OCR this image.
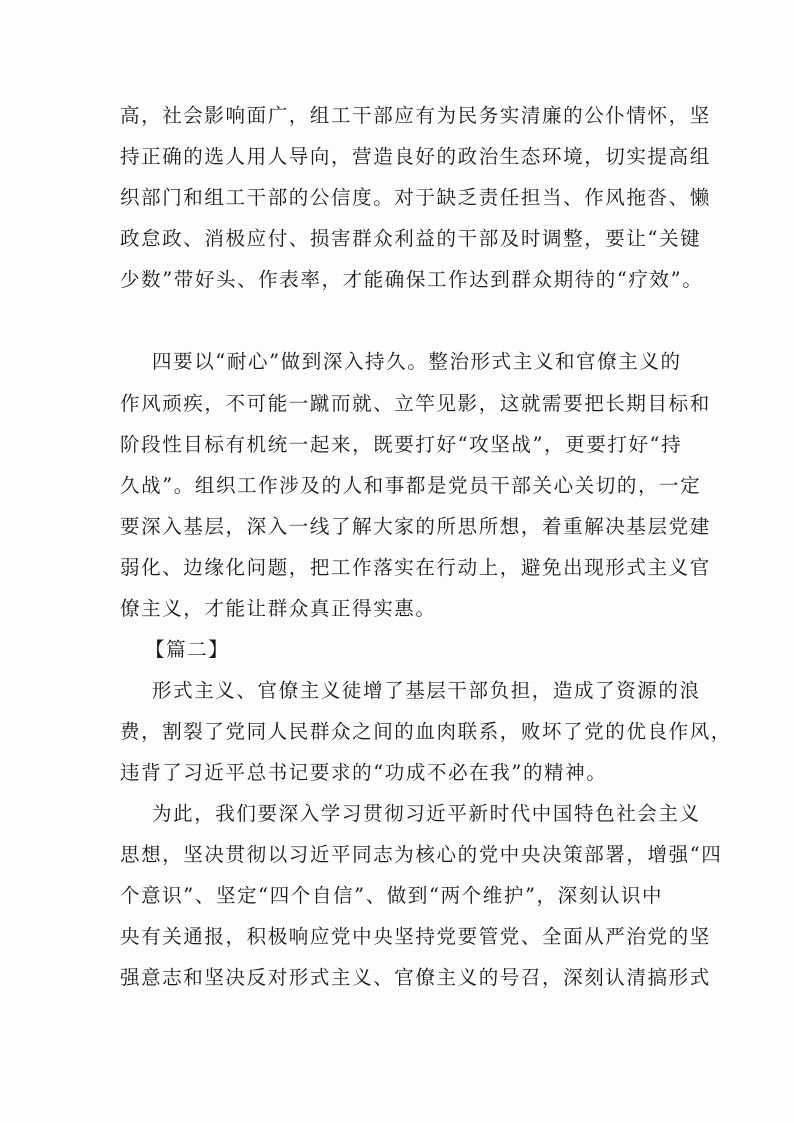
高，社会影响面广，组工干部应有为民务实清廉的公仆情怀，坚
持正确的选人用人导向，营造良好的政治生态环境，切实提高组
织部门和组工干部的公信度。对于缺乏责任担当、作风拖沓、懒
政怠政、消极应付、损害群众利益的干部及时调整，要让“关键
少数”带好头、作表率，才能确保工作达到群众期待的“疗效”。
四要以“耐心”做到深入持久。整治形式主义和官僚主义的
作风顽疾，不可能一蹴而就、立竿见影，这就需要把长期目标和
阶段性目标有机统一起来，既要打好“攻坚战”，更要打好“持
久战”。组织工作涉及的人和事都是党员干部关心关切的，一定
要深入基层，深入一线了解大家的所思所想，着重解决基层党建
弱化、边缘化问题，把工作落实在行动上，避免出现形式主义官
僚主义，才能让群众真正得实惠。
【篇二】
形式主义、官僚主义徒增了基层干部负担，造成了资源的浪
费，割裂了党同人民群众之间的血肉联系，败坏了党的优良作风，
违背了习近平总书记要求的“功成不必在我”的精神。
为此，我们要深入学习贯彻习近平新时代中国特色社会主义
思想，坚决贯彻以习近平同志为核心的党中央决策部署，增强“四
个意识”、坚定“四个自信”、做到“两个维护”，深刻认识中
央有关通报，积极响应党中央坚持党要管党、全面从严治党的坚
强意志和坚决反对形式主义、官僚主义的号召，深刻认清搞形式
